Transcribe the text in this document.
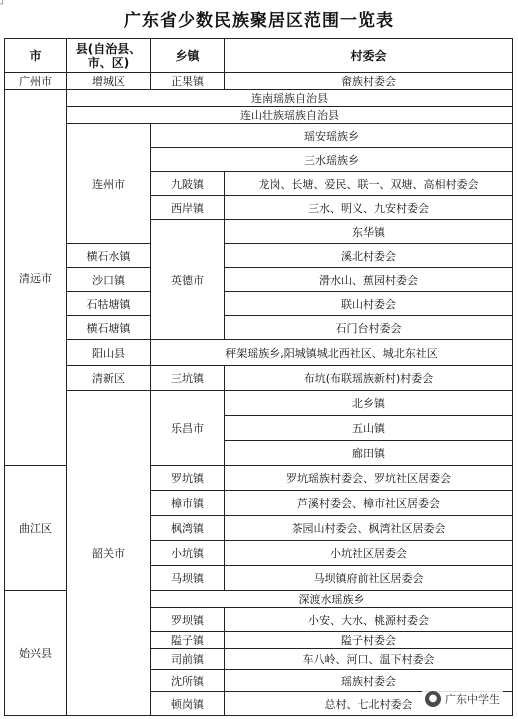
┘
广东省少数民族聚居区范围一览表
市	县(自治县、市、区)	乡镇	村委会	
广州市	增城区	正果镇	畲族村委会	
清远市	连南瑶族自治县			
	连山壮族瑶族自治县			
	连州市	瑶安瑶族乡		
		三水瑶族乡		
		九陂镇	龙岗、长塘、爱民、联一、双塘、高相村委会	
		西岸镇	三水、明义、九安村委会	
		英德市	东华镇	
	横石水镇		溪北村委会	
	沙口镇		滑水山、蕉园村委会	
	石牯塘镇		联山村委会	
	横石塘镇		石门台村委会	
	阳山县	秤架瑶族乡,阳城镇城北西社区、城北东社区		
	清新区	三坑镇	布坑(布联瑶族新村)村委会	
	韶关市	乐昌市	北乡镇	
			五山镇	
			廊田镇	
曲江区		罗坑镇	罗坑瑶族村委会、罗坑社区居委会	
		樟市镇	芦溪村委会、樟市社区居委会	
		枫湾镇	茶园山村委会、枫湾社区居委会	
		小坑镇	小坑社区居委会	
		马坝镇	马坝镇府前社区居委会	
始兴县		深渡水瑶族乡		
		罗坝镇	小安、大水、桃源村委会	
		隘子镇	隘子村委会	
		司前镇	车八岭、河口、温下村委会	
		沈所镇	瑶族村委会	
		顿岗镇	总村、七北村委会		● 广东中学生
